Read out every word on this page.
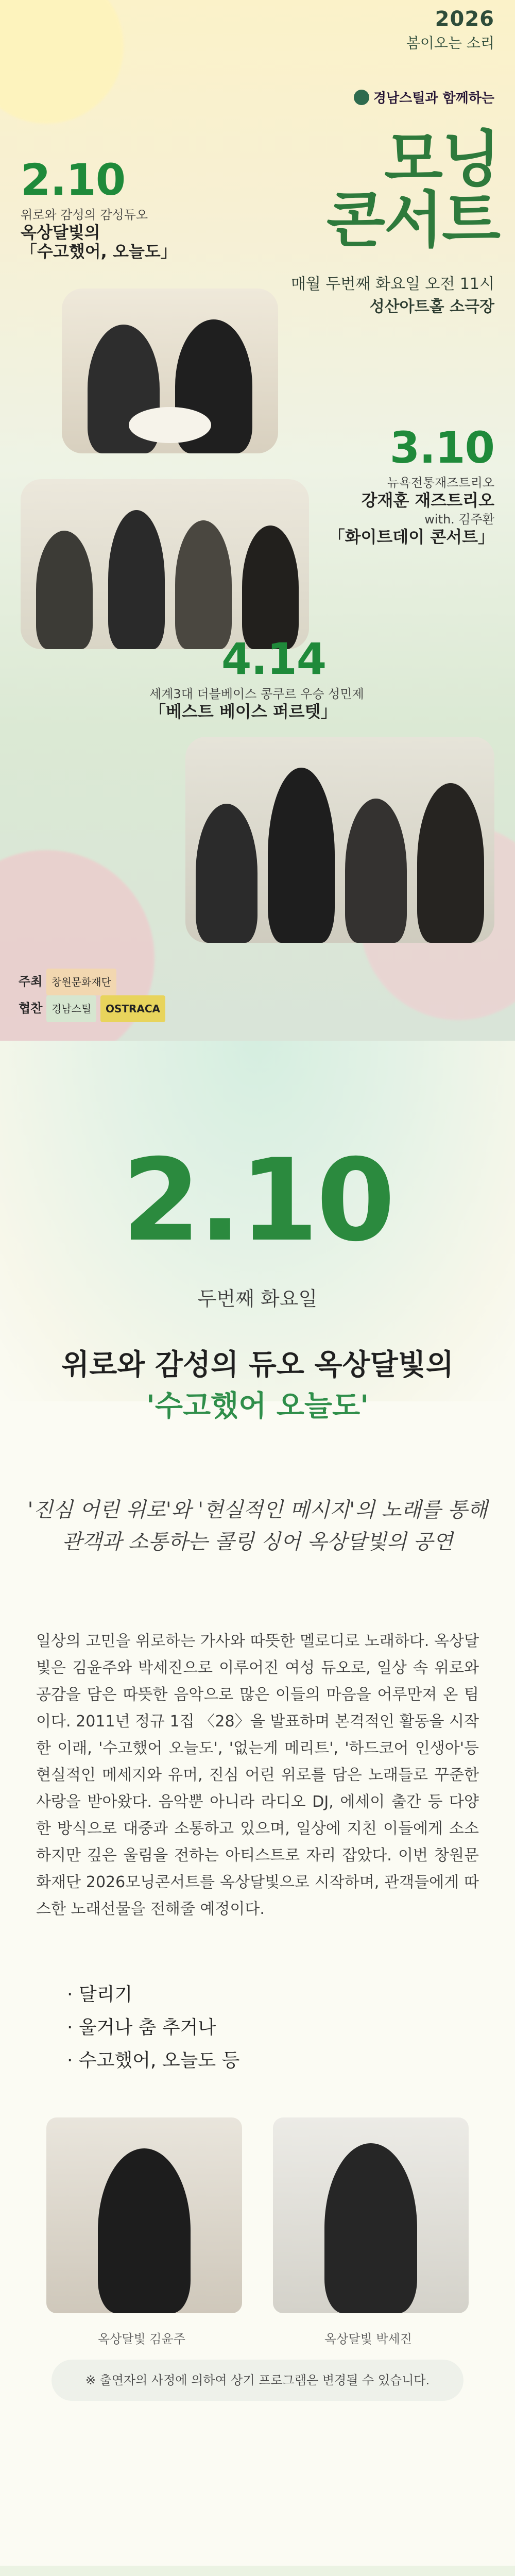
2026
봄이오는 소리
경남스틸과 함께하는
모닝
콘서트
매월 두번째 화요일 오전 11시
성산아트홀 소극장
2.10
위로와 감성의 감성듀오
옥상달빛의
「수고했어, 오늘도」
3.10
뉴욕전통재즈트리오
강재훈 재즈트리오
with. 김주환
「화이트데이 콘서트」
4.14
세계3대 더블베이스 콩쿠르 우승 성민제
「베스트 베이스 퍼르텟」
주최 창원문화재단
협찬 경남스틸 OSTRACA
2.10
두번째 화요일
위로와 감성의 듀오 옥상달빛의
'수고했어 오늘도'
'진심 어린 위로'와 '현실적인 메시지'의 노래를 통해
관객과 소통하는 콜링 싱어 옥상달빛의 공연
일상의 고민을 위로하는 가사와 따뜻한 멜로디로 노래하다. 옥상달빛은 김윤주와 박세진으로 이루어진 여성 듀오로, 일상 속 위로와 공감을 담은 따뜻한 음악으로 많은 이들의 마음을 어루만져 온 팀이다. 2011년 정규 1집 〈28〉을 발표하며 본격적인 활동을 시작한 이래, '수고했어 오늘도', '없는게 메리트', '하드코어 인생아'등 현실적인 메세지와 유머, 진심 어린 위로를 담은 노래들로 꾸준한 사랑을 받아왔다. 음악뿐 아니라 라디오 DJ, 에세이 출간 등 다양한 방식으로 대중과 소통하고 있으며, 일상에 지친 이들에게 소소하지만 깊은 울림을 전하는 아티스트로 자리 잡았다. 이번 창원문화재단 2026모닝콘서트를 옥상달빛으로 시작하며, 관객들에게 따스한 노래선물을 전해줄 예정이다.
· 달리기
· 울거나 춤 추거나
· 수고했어, 오늘도 등
옥상달빛 김윤주	옥상달빛 박세진
※ 출연자의 사정에 의하여 상기 프로그램은 변경될 수 있습니다.
